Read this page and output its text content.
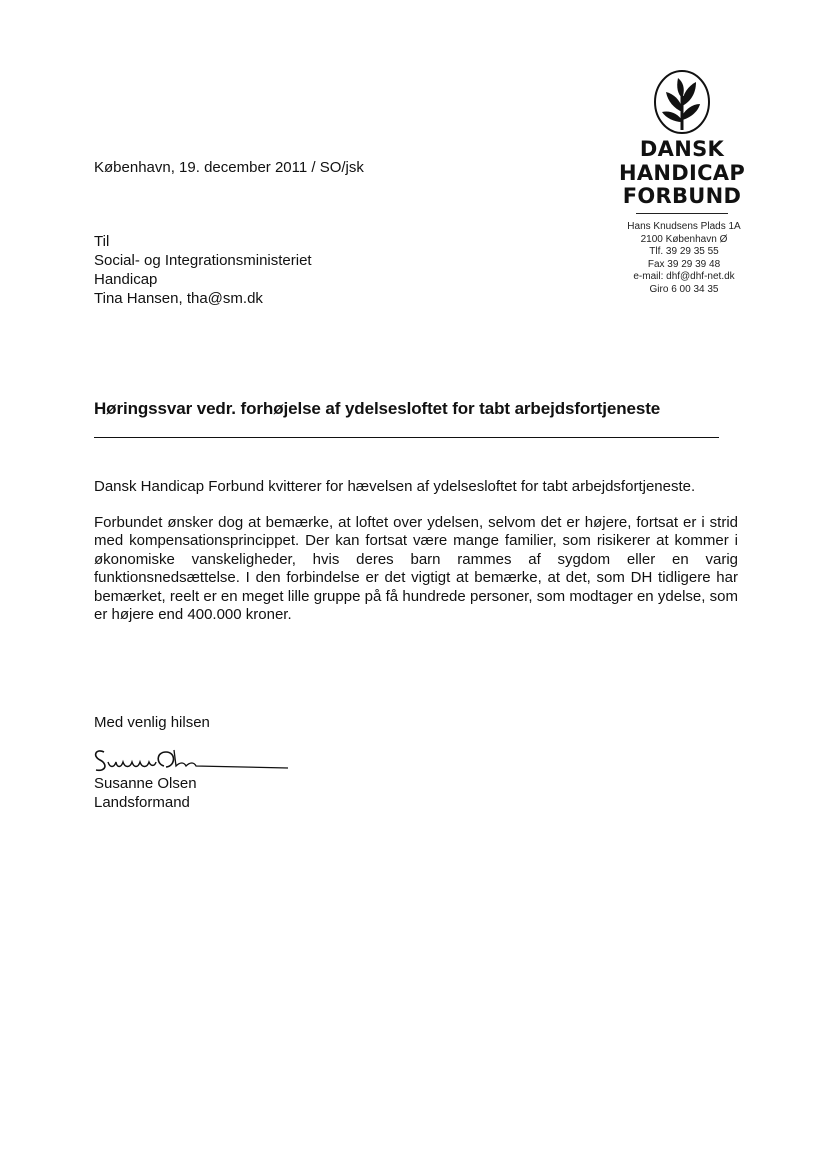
DANSK
HANDICAP
FORBUND
Hans Knudsens Plads 1A
2100 København Ø
Tlf. 39 29 35 55
Fax 39 29 39 48
e-mail: dhf@dhf-net.dk
Giro 6 00 34 35
København, 19. december 2011 / SO/jsk
Til
Social- og Integrationsministeriet
Handicap
Tina Hansen, tha@sm.dk
Høringssvar vedr. forhøjelse af ydelsesloftet for tabt arbejdsfortjeneste
Dansk Handicap Forbund kvitterer for hævelsen af ydelsesloftet for tabt arbejdsfortjeneste.
Forbundet ønsker dog at bemærke, at loftet over ydelsen, selvom det er højere, fortsat er i strid med kompensationsprincippet. Der kan fortsat være mange familier, som risikerer at kommer i økonomiske vanskeligheder, hvis deres barn rammes af sygdom eller en varig funktionsnedsættelse. I den forbindelse er det vigtigt at bemærke, at det, som DH tidligere har bemærket, reelt er en meget lille gruppe på få hundrede personer, som modtager en ydelse, som er højere end 400.000 kroner.
Med venlig hilsen
Susanne Olsen
Landsformand
